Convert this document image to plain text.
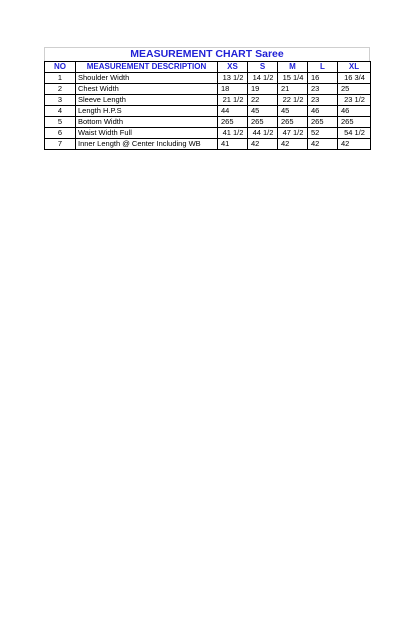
MEASUREMENT CHART Saree
NO	MEASUREMENT DESCRIPTION	XS	S	M	L	XL
1	Shoulder Width	13 1/2	14 1/2	15 1/4	16	16 3/4
2	Chest Width	18	19	21	23	25
3	Sleeve Length	21 1/2	22	22 1/2	23	23 1/2
4	Length H.P.S	44	45	45	46	46
5	Bottom Width	265	265	265	265	265
6	Waist Width Full	41 1/2	44 1/2	47 1/2	52	54 1/2
7	Inner Length @ Center Including WB	41	42	42	42	42
